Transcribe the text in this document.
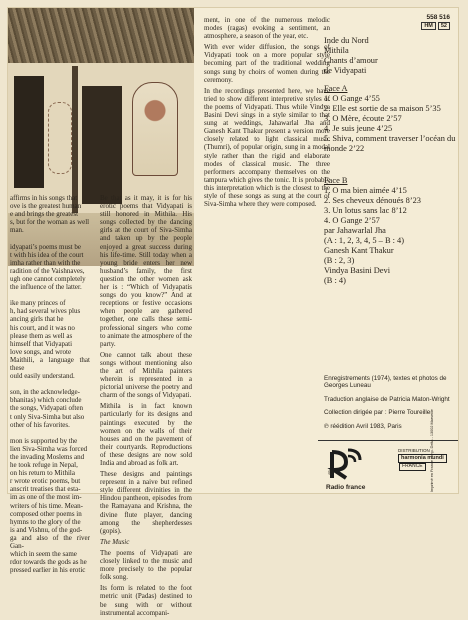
affirms in his songs that
ove is the greatest human
e and brings the greatest
s, but for the woman as well
man.

idyapati’s poems must be
t with his idea of the court
imha rather than with the
radition of the Vaishnaves,
ugh one cannot completely
the influence of the latter.

ike many princes of
h, had several wives plus
ancing girls that he
his court, and it was no
please them as well as
himself that Vidyapati
love songs, and wrote
Maithili, a language that these
ould easily understand.

son, in the acknowledge-
bhanitas) which conclude
the songs, Vidyapati often
t only Siva-Simha but also
other of his favorites.

mon is supported by the
lien Siva-Simha was forced
the invading Moslems and
he took refuge in Nepal,
on his return to Mithila
r wrote erotic poems, but
anscrit treatises that esta-
im as one of the most im-
writers of his time. Mean-
composed other poems in
hymns to the glory of the
is and Vishnu, of the god-
ga and also of the river Gan-
which in seem the same
rdor towards the gods as he
pressed earlier in his erotic

Be that as it may, it is for his erotic poems that Vidyapati is still honored in Mithila. His songs collected by the dancing girls at the court of Siva-Simha and taken up by the people enjoyed a great success during his life-time. Still today when a young bride enters her new husband’s family, the first question the other women ask her is : “Which of Vidyapatis songs do you know?” And at receptions or festive occasions when people are gathered together, one calls these semi-professional singers who come to animate the atmosphere of the party.

One cannot talk about these songs without mentioning also the art of Mithila painters wherein is represented in a pictorial universe the poetry and charm of the songs of Vidyapati.

Mithila is in fact known particularly for its designs and paintings executed by the women on the walls of their houses and on the pavement of their courtyards. Reproductions of these designs are now sold India and abroad as folk art.

These designs and paintings represent in a naive but refined style different divinities in the Hindou pantheon, episodes from the Ramayana and Krishna, the divine flute player, dancing among the shepherdesses (gopis).

The Music

The poems of Vidyapati are closely linked to the music and more precisely to the popular folk song.

Its form is related to the foot metric unit (Padas) destined to be sung with or without instrumental accompani-

ment, in one of the numerous melodic modes (ragas) evoking a sentiment, an atmosphere, a season of the year, etc.

With ever wider diffusion, the songs of Vidyapati took on a more popular style becoming part of the traditional wedding songs sung by choirs of women during the ceremony.

In the recordings presented here, we have tried to show different interpretive styles of the poems of Vidyapati. Thus while Vindya Basini Devi sings in a style similar to that sung at weddings, Jahawarlal Jha and Ganesh Kant Thakur present a version more closely related to light classical music (Thumri), of popular origin, sung in a modal style rather than the rigid and elaborate modes of classical music. The three performers accompany themselves on the tampura which gives the tonic. It is probably this interpretation which is the closest to the style of these songs as sung at the court of Siva-Simha where they were composed.

558 516
HM 52
Inde du Nord
Mithila
Chants d’amour
de Vidyapati
Face A
1. O Gange 4’55
2. Elle est sortie de sa maison 5’35
3. O Mère, écoute 2’57
4. Je suis jeune 4’25
5. Shiva, comment traverser l’océan du monde 2’22
Face B
1. O ma bien aimée 4’15
2. Ses cheveux dénoués 8’23
3. Un lotus sans lac 8’12
4. O Gange 2’57
par Jahawarlal Jha
(A : 1, 2, 3, 4, 5 – B : 4)
Ganesh Kant Thakur
(B : 2, 3)
Vindya Basini Devi
(B : 4)

Enregistrements (1974), textes et photos de Georges Luneau

Traduction anglaise de Patricia Maton-Wright

Collection dirigée par : Pierre Toureille

℗ réédition Avril 1983, Paris

Radio france
DISTRIBUTION
harmonia mundiFRANCE
©	Imprimé en France - Imp. Delta - 13002 Marseille
